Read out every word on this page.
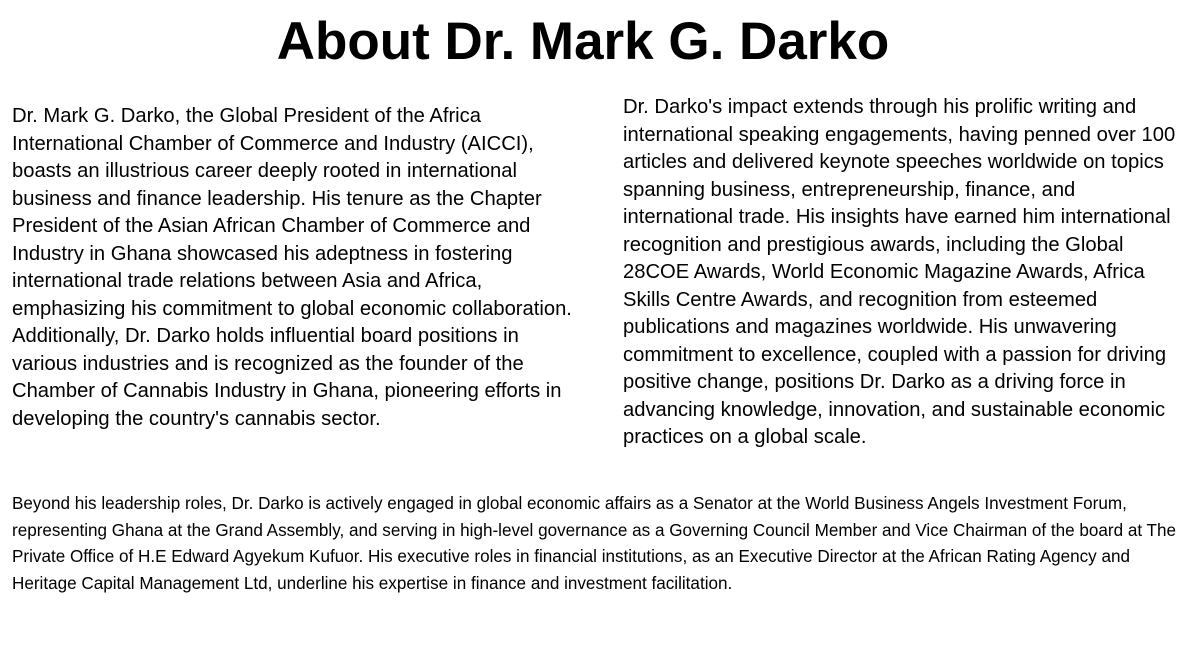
About Dr. Mark G. Darko

Dr. Mark G. Darko, the Global President of the Africa International Chamber of Commerce and Industry (AICCI), boasts an illustrious career deeply rooted in international business and finance leadership. His tenure as the Chapter President of the Asian African Chamber of Commerce and Industry in Ghana showcased his adeptness in fostering international trade relations between Asia and Africa, emphasizing his commitment to global economic collaboration. Additionally, Dr. Darko holds influential board positions in various industries and is recognized as the founder of the Chamber of Cannabis Industry in Ghana, pioneering efforts in developing the country's cannabis sector.

Dr. Darko's impact extends through his prolific writing and international speaking engagements, having penned over 100 articles and delivered keynote speeches worldwide on topics spanning business, entrepreneurship, finance, and international trade. His insights have earned him international recognition and prestigious awards, including the Global 28COE Awards, World Economic Magazine Awards, Africa Skills Centre Awards, and recognition from esteemed publications and magazines worldwide. His unwavering commitment to excellence, coupled with a passion for driving positive change, positions Dr. Darko as a driving force in advancing knowledge, innovation, and sustainable economic practices on a global scale.

Beyond his leadership roles, Dr. Darko is actively engaged in global economic affairs as a Senator at the World Business Angels Investment Forum, representing Ghana at the Grand Assembly, and serving in high-level governance as a Governing Council Member and Vice Chairman of the board at The Private Office of H.E Edward Agyekum Kufuor. His executive roles in financial institutions, as an Executive Director at the African Rating Agency and Heritage Capital Management Ltd, underline his expertise in finance and investment facilitation.
